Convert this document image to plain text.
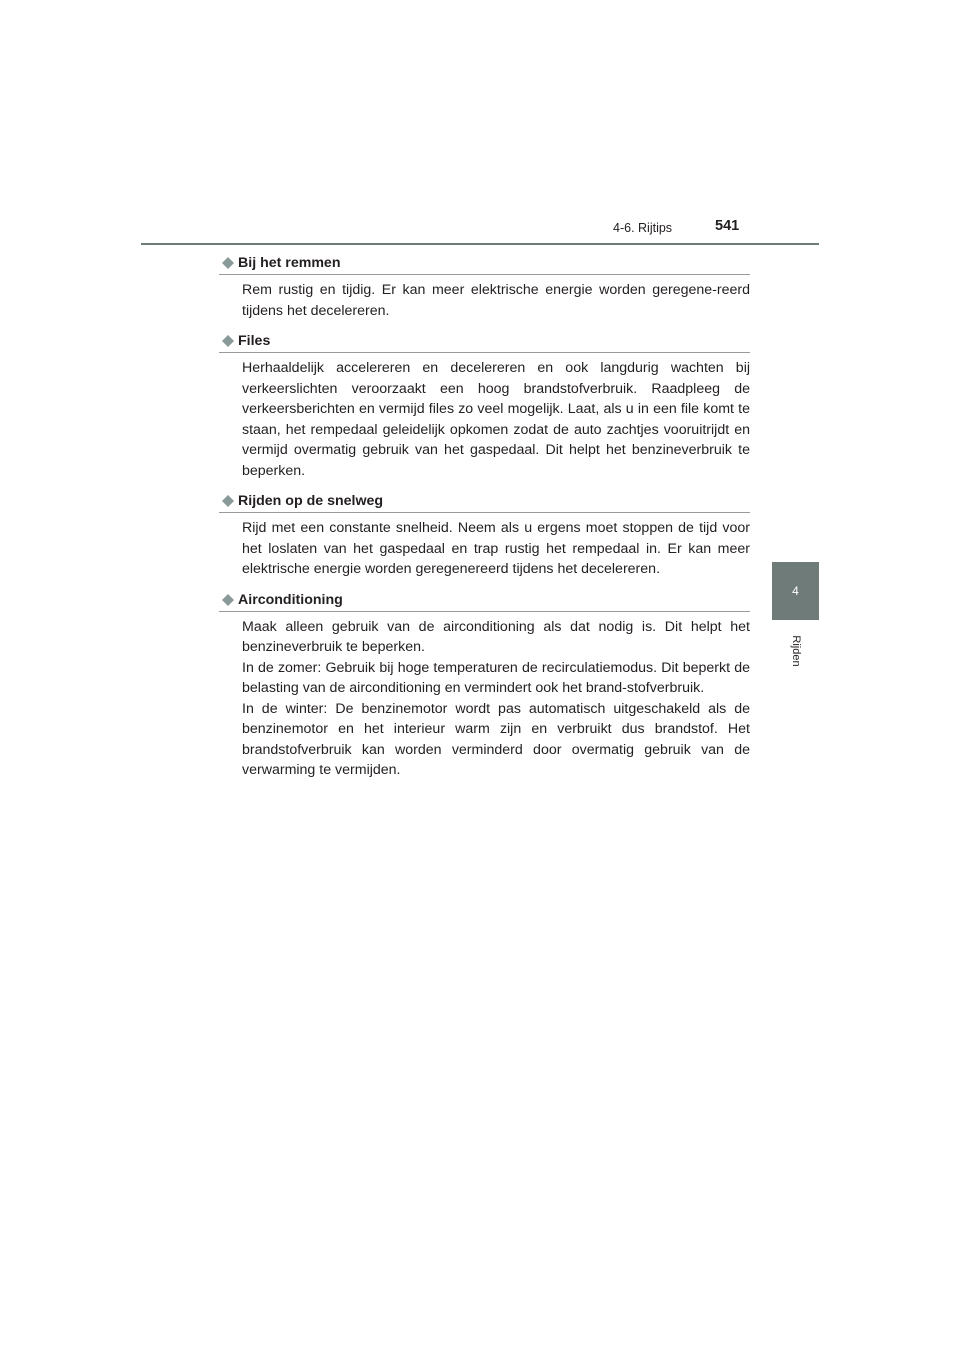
4-6. Rijtips	541
4
Rijden
Bij het remmen

Rem rustig en tijdig. Er kan meer elektrische energie worden geregene-reerd tijdens het decelereren.

Files

Herhaaldelijk accelereren en decelereren en ook langdurig wachten bij verkeerslichten veroorzaakt een hoog brandstofverbruik. Raadpleeg de verkeersberichten en vermijd files zo veel mogelijk. Laat, als u in een file komt te staan, het rempedaal geleidelijk opkomen zodat de auto zachtjes vooruitrijdt en vermijd overmatig gebruik van het gaspedaal. Dit helpt het benzineverbruik te beperken.

Rijden op de snelweg

Rijd met een constante snelheid. Neem als u ergens moet stoppen de tijd voor het loslaten van het gaspedaal en trap rustig het rempedaal in. Er kan meer elektrische energie worden geregenereerd tijdens het decelereren.

Airconditioning

Maak alleen gebruik van de airconditioning als dat nodig is. Dit helpt het benzineverbruik te beperken.

In de zomer: Gebruik bij hoge temperaturen de recirculatiemodus. Dit beperkt de belasting van de airconditioning en vermindert ook het brand-stofverbruik.

In de winter: De benzinemotor wordt pas automatisch uitgeschakeld als de benzinemotor en het interieur warm zijn en verbruikt dus brandstof. Het brandstofverbruik kan worden verminderd door overmatig gebruik van de verwarming te vermijden.
